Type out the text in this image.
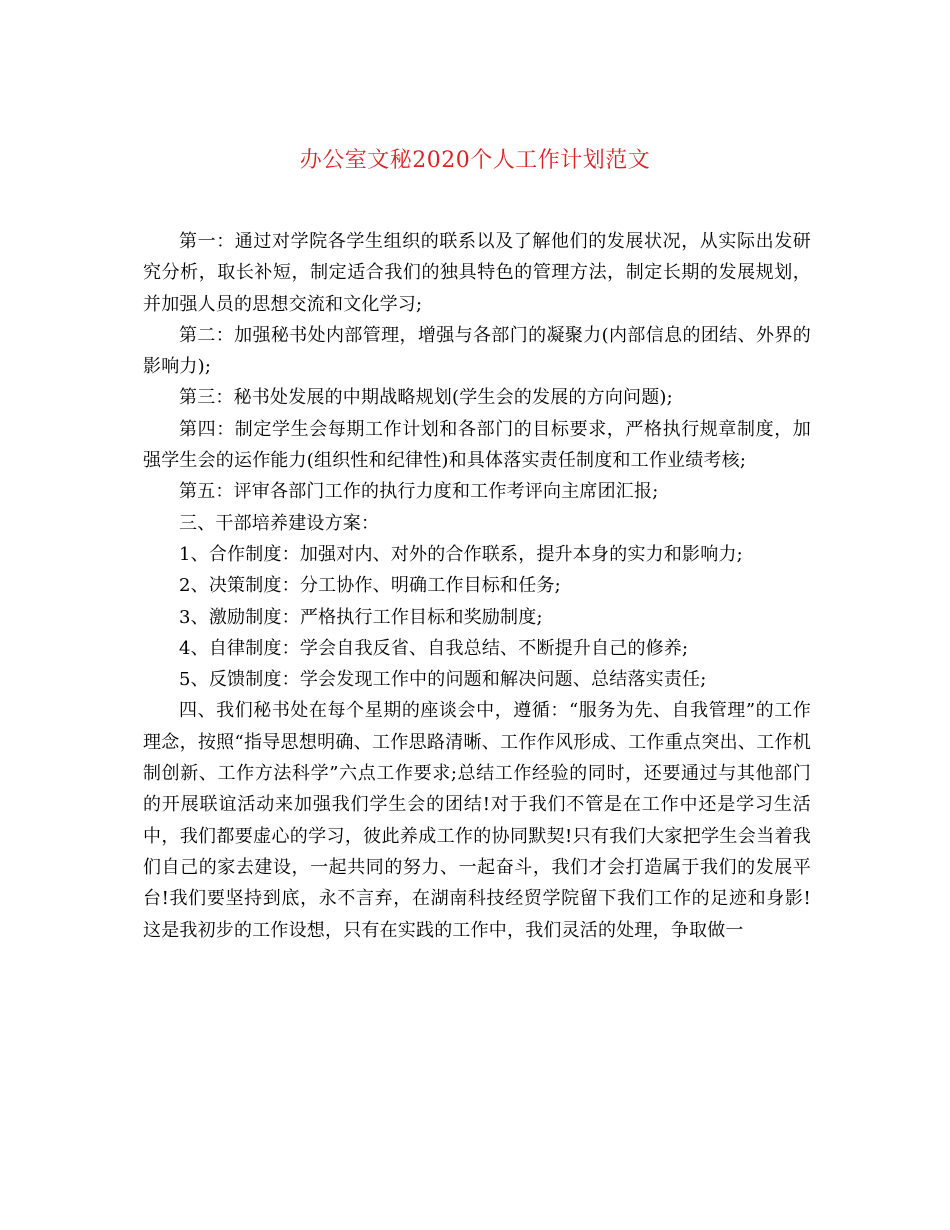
办公室文秘2020个人工作计划范文

第一：通过对学院各学生组织的联系以及了解他们的发展状况，从实际出发研究分析，取长补短，制定适合我们的独具特色的管理方法，制定长期的发展规划，并加强人员的思想交流和文化学习;

第二：加强秘书处内部管理，增强与各部门的凝聚力(内部信息的团结、外界的影响力);

第三：秘书处发展的中期战略规划(学生会的发展的方向问题);

第四：制定学生会每期工作计划和各部门的目标要求，严格执行规章制度，加强学生会的运作能力(组织性和纪律性)和具体落实责任制度和工作业绩考核;

第五：评审各部门工作的执行力度和工作考评向主席团汇报;

三、干部培养建设方案：

1、合作制度：加强对内、对外的合作联系，提升本身的实力和影响力;

2、决策制度：分工协作、明确工作目标和任务;

3、激励制度：严格执行工作目标和奖励制度;

4、自律制度：学会自我反省、自我总结、不断提升自己的修养;

5、反馈制度：学会发现工作中的问题和解决问题、总结落实责任;

四、我们秘书处在每个星期的座谈会中，遵循：“服务为先、自我管理”的工作理念，按照“指导思想明确、工作思路清晰、工作作风形成、工作重点突出、工作机制创新、工作方法科学”六点工作要求;总结工作经验的同时，还要通过与其他部门的开展联谊活动来加强我们学生会的团结!对于我们不管是在工作中还是学习生活中，我们都要虚心的学习，彼此养成工作的协同默契!只有我们大家把学生会当着我们自己的家去建设，一起共同的努力、一起奋斗，我们才会打造属于我们的发展平台!我们要坚持到底，永不言弃，在湖南科技经贸学院留下我们工作的足迹和身影!这是我初步的工作设想，只有在实践的工作中，我们灵活的处理，争取做一
